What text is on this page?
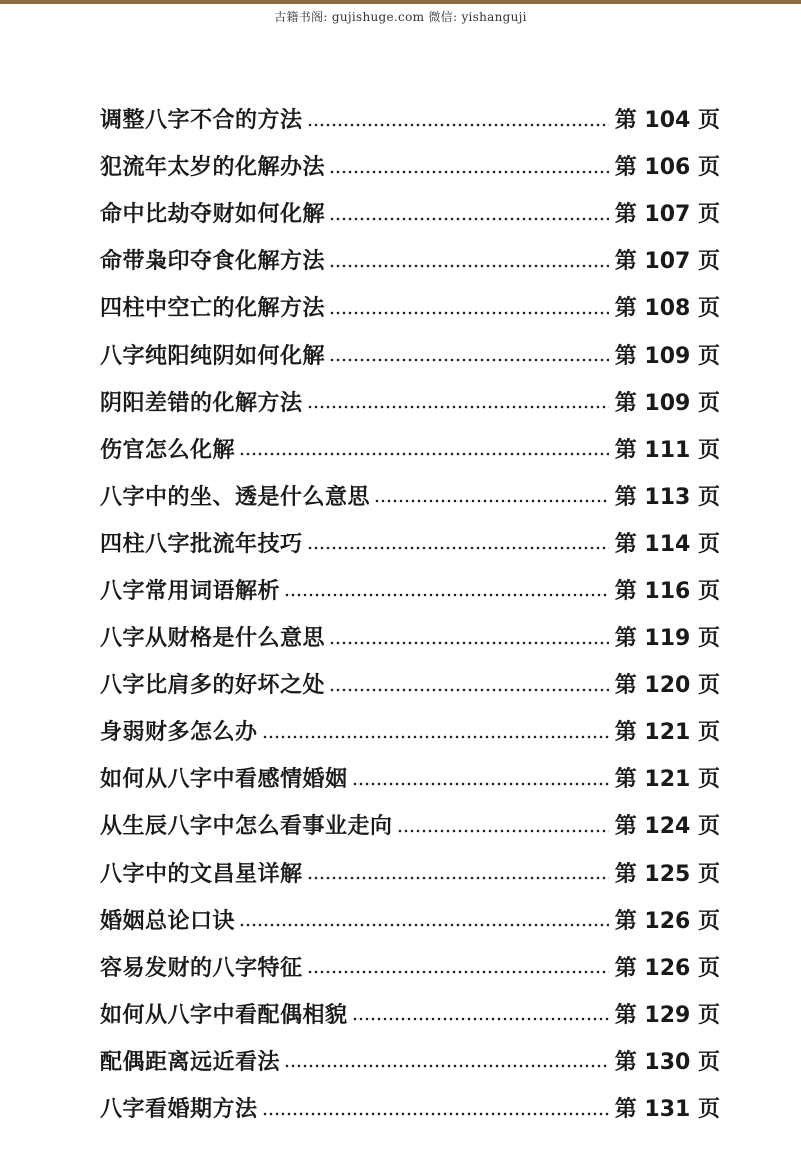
古籍书阁: gujishuge.com 微信: yishanguji
调整八字不合的方法	第 104 页
犯流年太岁的化解办法	第 106 页
命中比劫夺财如何化解	第 107 页
命带枭印夺食化解方法	第 107 页
四柱中空亡的化解方法	第 108 页
八字纯阳纯阴如何化解	第 109 页
阴阳差错的化解方法	第 109 页
伤官怎么化解	第 111 页
八字中的坐、透是什么意思	第 113 页
四柱八字批流年技巧	第 114 页
八字常用词语解析	第 116 页
八字从财格是什么意思	第 119 页
八字比肩多的好坏之处	第 120 页
身弱财多怎么办	第 121 页
如何从八字中看感情婚姻	第 121 页
从生辰八字中怎么看事业走向	第 124 页
八字中的文昌星详解	第 125 页
婚姻总论口诀	第 126 页
容易发财的八字特征	第 126 页
如何从八字中看配偶相貌	第 129 页
配偶距离远近看法	第 130 页
八字看婚期方法	第 131 页
